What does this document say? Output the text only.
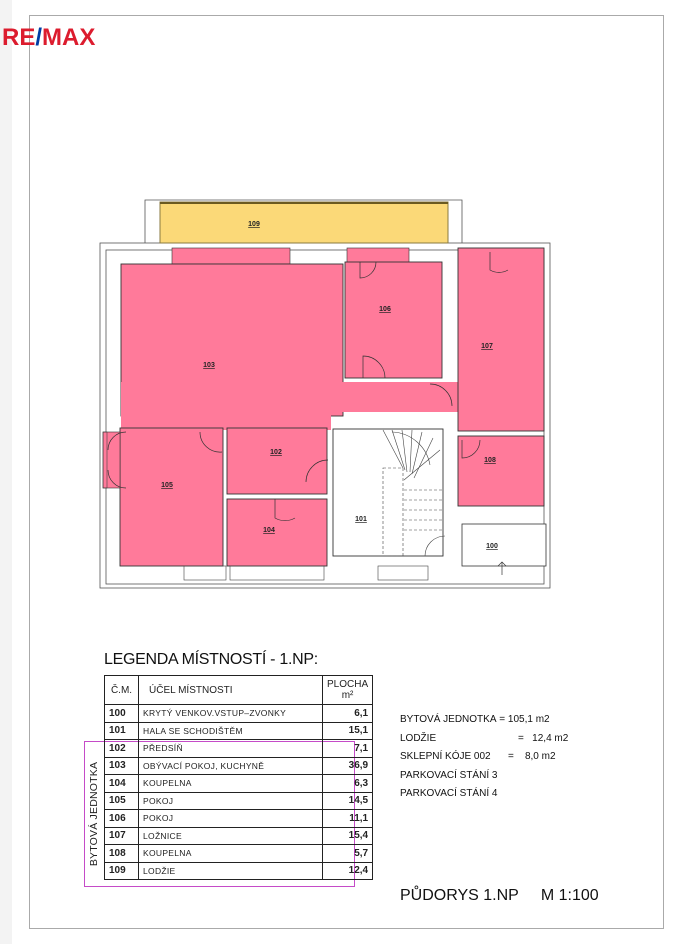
RE/MAX
109
103
106
107
108
102
105
104
101
100
LEGENDA MÍSTNOSTÍ - 1.NP:
BYTOVÁ JEDNOTKA
Č.M.	ÚČEL MÍSTNOSTI	PLOCHA
m²
100	KRYTÝ VENKOV.VSTUP–ZVONKY	6,1
101	HALA SE SCHODIŠTĚM	15,1
102	PŘEDSÍŇ	7,1
103	OBÝVACÍ POKOJ, KUCHYNĚ	36,9
104	KOUPELNA	6,3
105	POKOJ	14,5
106	POKOJ	11,1
107	LOŽNICE	15,4
108	KOUPELNA	5,7
109	LODŽIE	12,4
BYTOVÁ JEDNOTKA
= 105,1 m2
LODŽIE	=   12,4 m2
SKLEPNÍ KÓJE 002	=    8,0 m2
PARKOVACÍ STÁNÍ 3
PARKOVACÍ STÁNÍ 4
PŮDORYS 1.NP M 1:100
